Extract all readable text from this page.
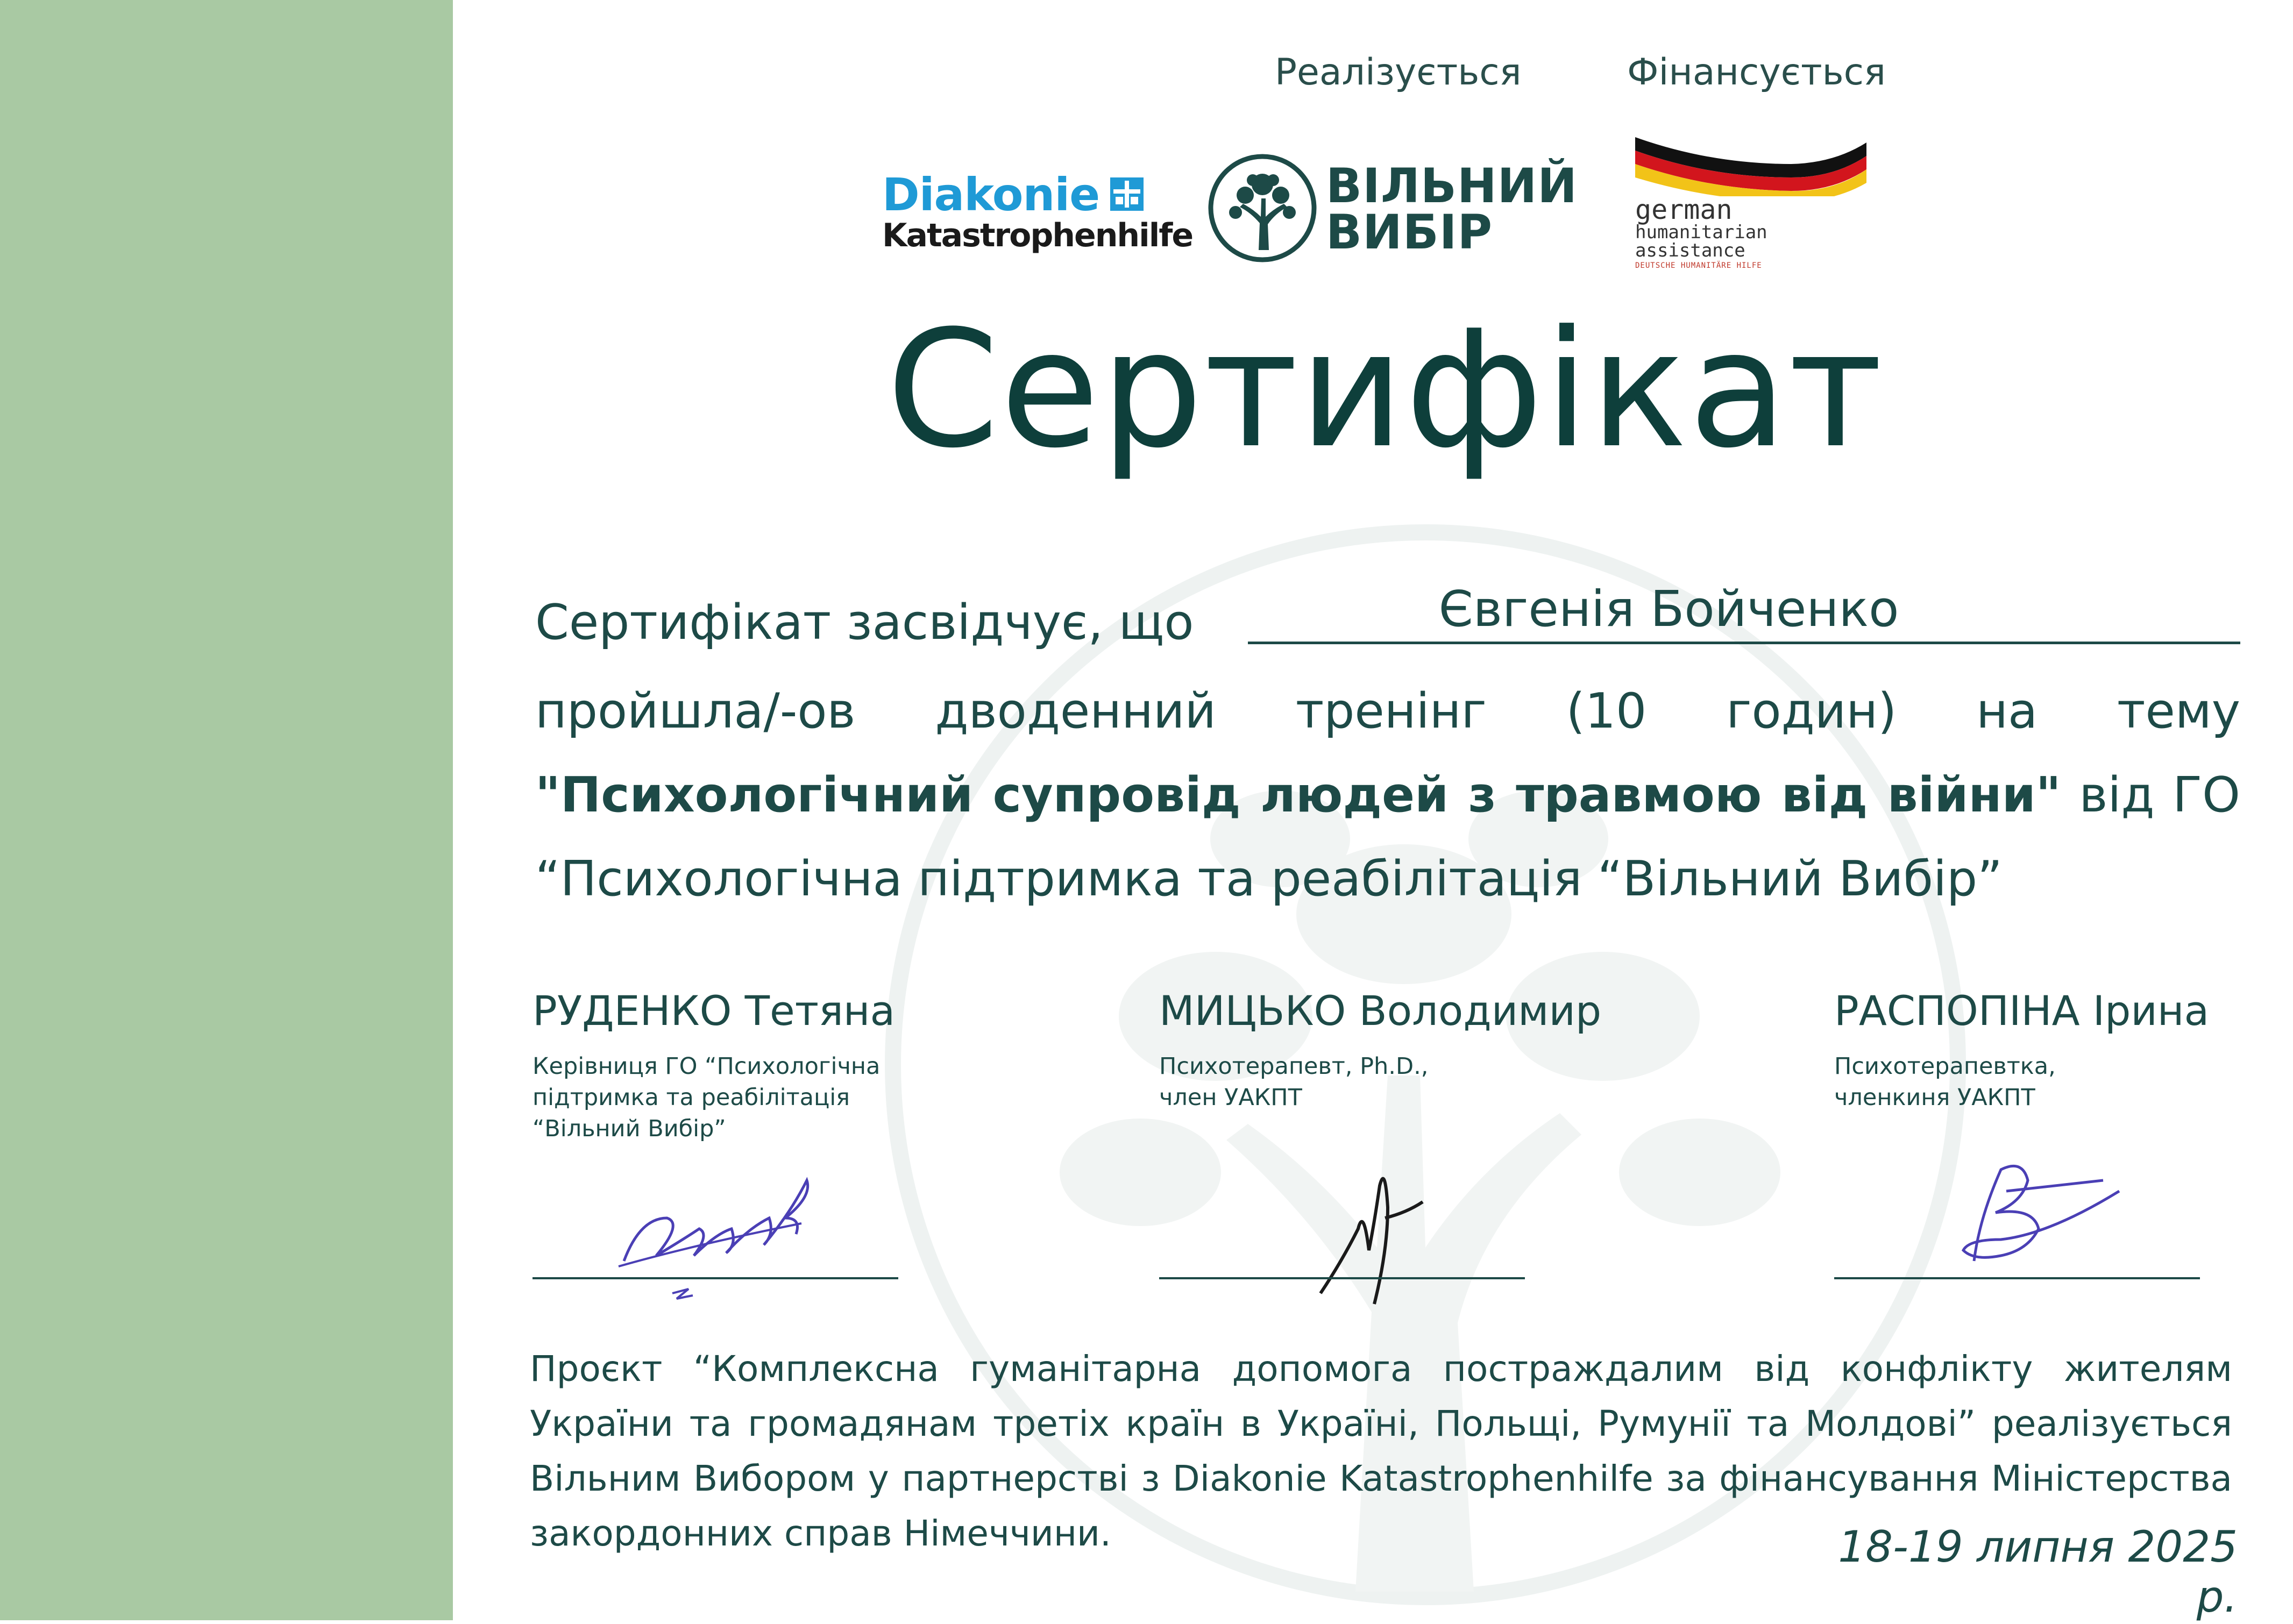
Реалізується	Фінансується
Diakonie
Katastrophenhilfe
ВІЛЬНИЙ
ВИБІР	german
humanitarian
assistance
DEUTSCHE HUMANITÄRE HILFE
Сертифікат
Сертифікат засвідчує, що	Євгенія Бойченко
пройшла/-ов дводенний тренінг (10 годин) на тему "Психологічний супровід людей з травмою від війни" від ГО “Психологічна підтримка та реабілітація “Вільний Вибір”
РУДЕНКО Тетяна
Керівниця ГО “Психологічна
підтримка та реабілітація
“Вільний Вибір”
МИЦЬКО Володимир
Психотерапевт, Ph.D.,
член УАКПТ
РАСПОПІНА Ірина
Психотерапевтка,
членкиня УАКПТ
Проєкт “Комплексна гуманітарна допомога постраждалим від конфлікту жителям України та громадянам третіх країн в Україні, Польщі, Румунії та Молдові” реалізується Вільним Вибором у партнерстві з Diakonie Katastrophenhilfe за фінансування Міністерства закордонних справ Німеччини.	18-19 липня 2025 р.
